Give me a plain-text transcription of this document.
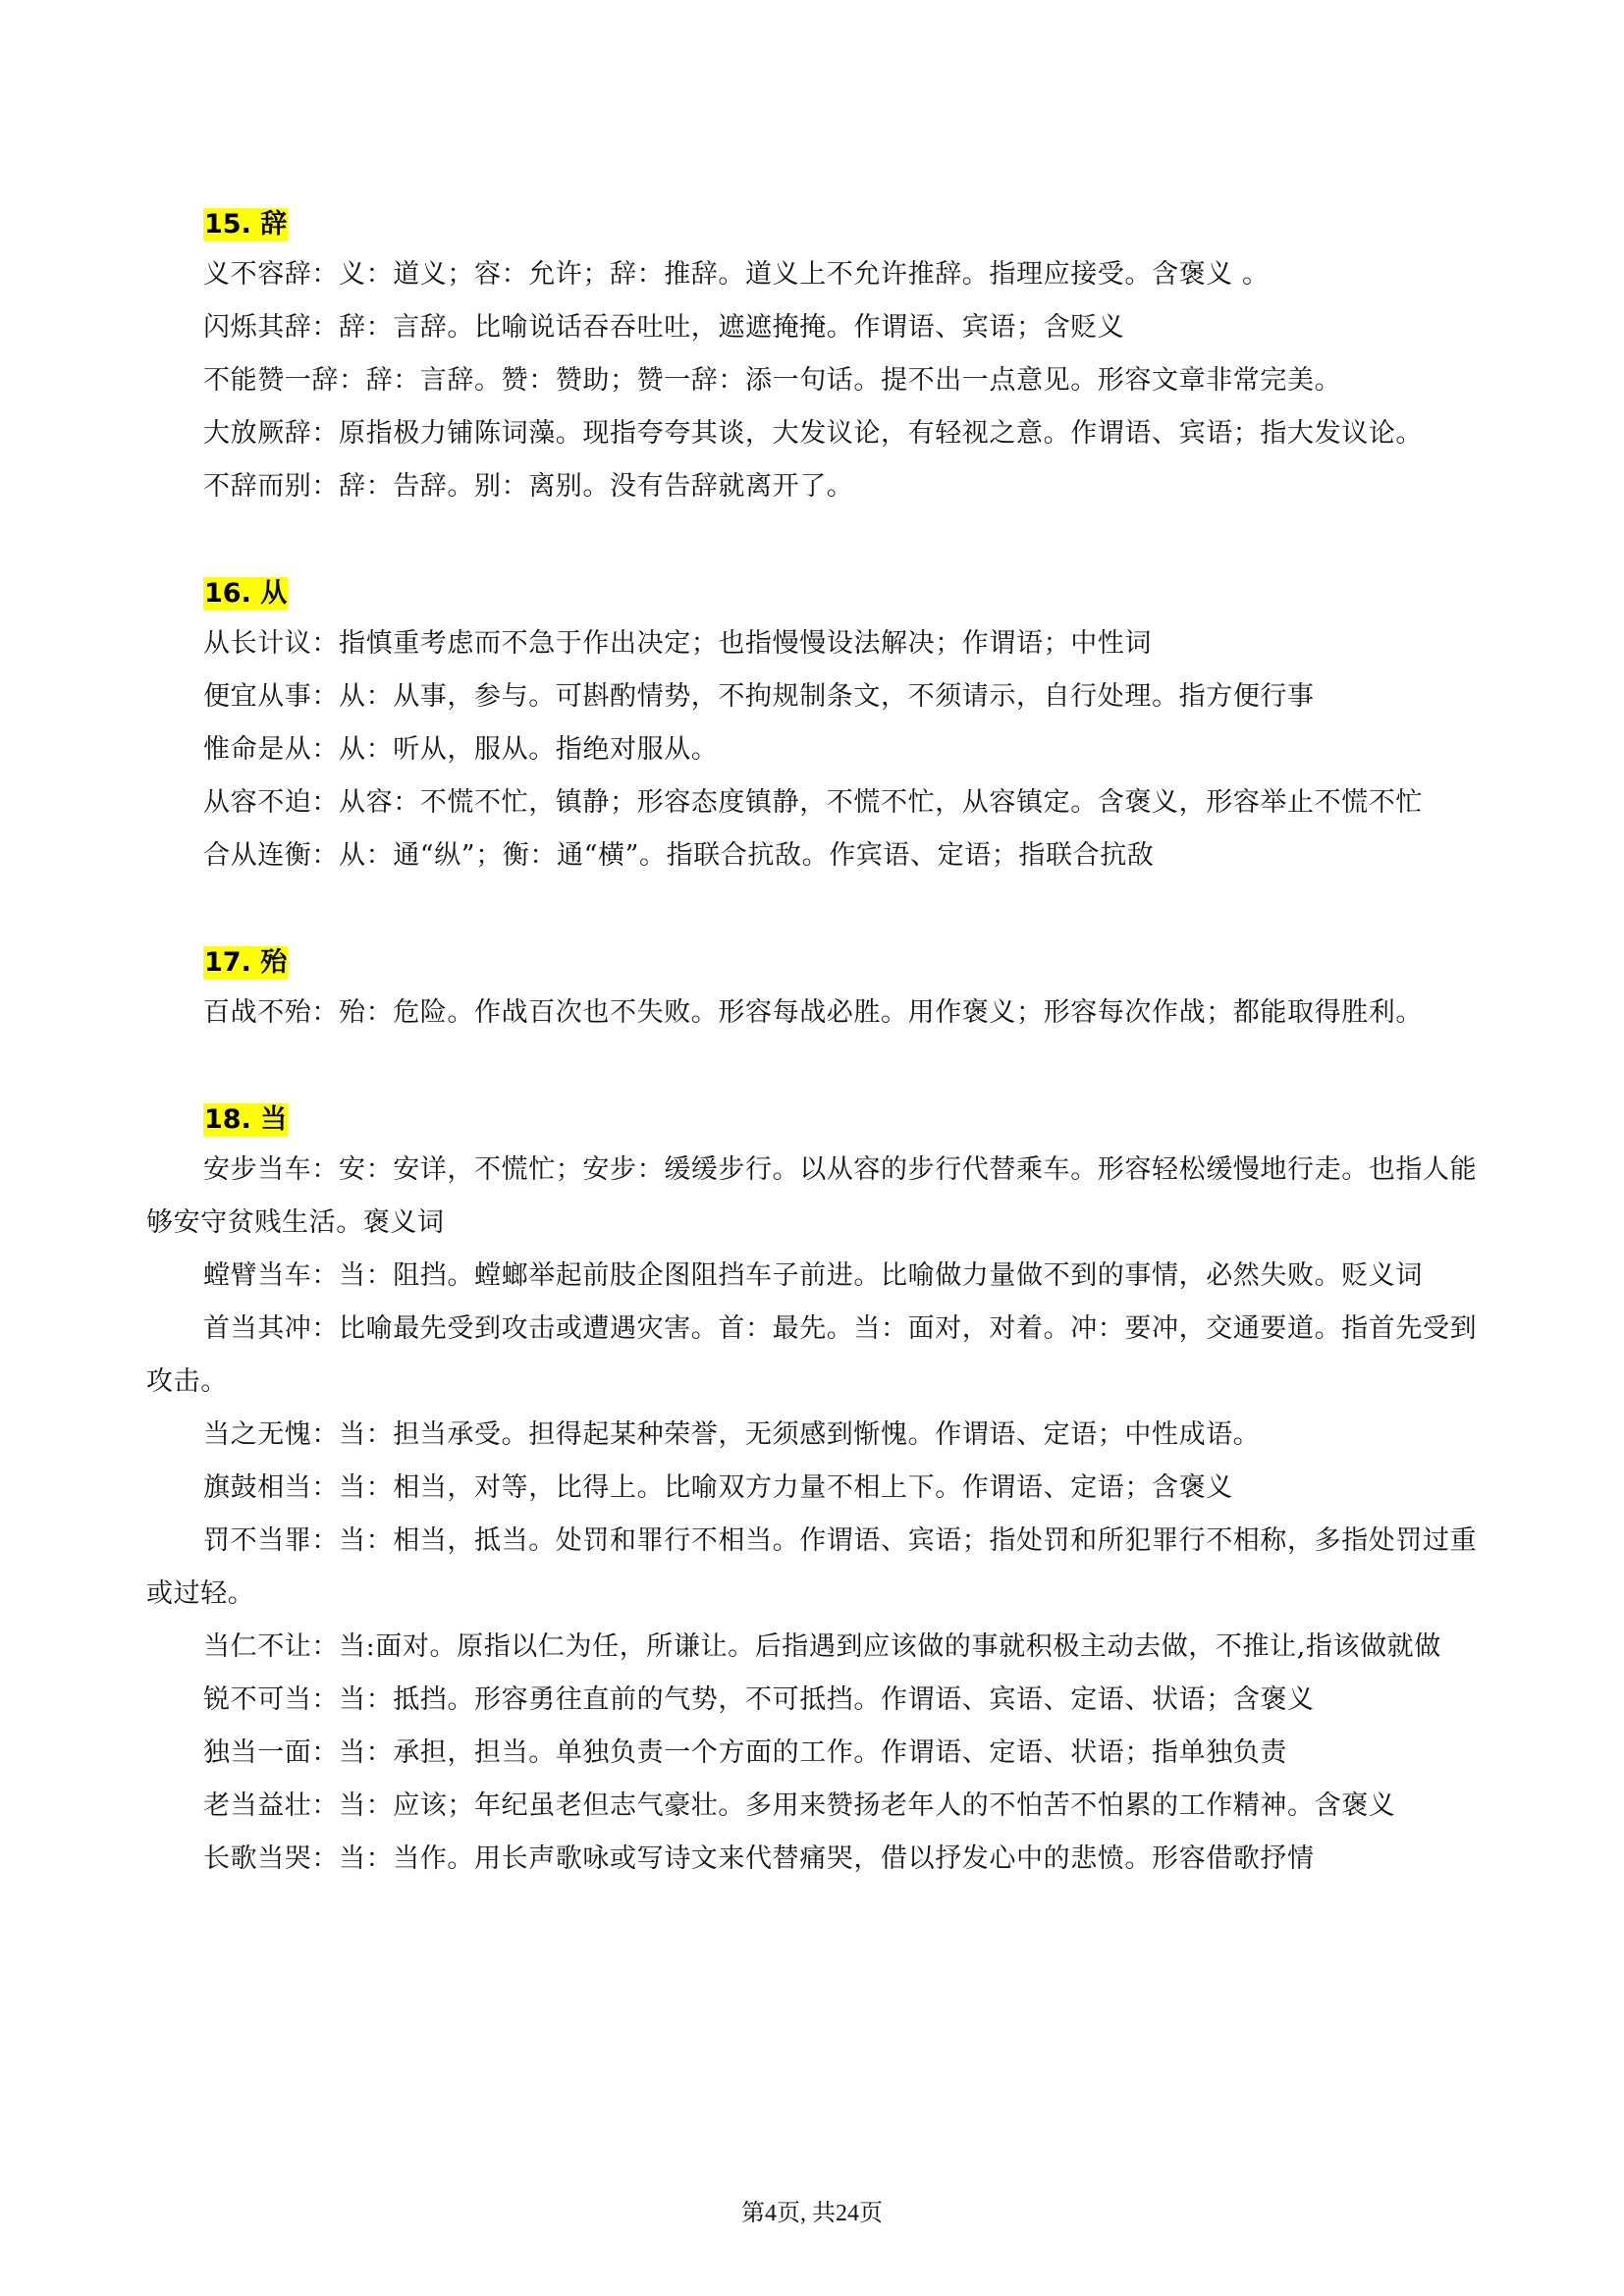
15. 辞

义不容辞：义：道义；容：允许；辞：推辞。道义上不允许推辞。指理应接受。含褒义 。

闪烁其辞：辞：言辞。比喻说话吞吞吐吐，遮遮掩掩。作谓语、宾语；含贬义

不能赞一辞：辞：言辞。赞：赞助；赞一辞：添一句话。提不出一点意见。形容文章非常完美。

大放厥辞：原指极力铺陈词藻。现指夸夸其谈，大发议论，有轻视之意。作谓语、宾语；指大发议论。

不辞而别：辞：告辞。别：离别。没有告辞就离开了。

16. 从

从长计议：指慎重考虑而不急于作出决定；也指慢慢设法解决；作谓语；中性词

便宜从事：从：从事，参与。可斟酌情势，不拘规制条文，不须请示，自行处理。指方便行事

惟命是从：从：听从，服从。指绝对服从。

从容不迫：从容：不慌不忙，镇静；形容态度镇静，不慌不忙，从容镇定。含褒义，形容举止不慌不忙

合从连衡：从：通“纵”；衡：通“横”。指联合抗敌。作宾语、定语；指联合抗敌

17. 殆

百战不殆：殆：危险。作战百次也不失败。形容每战必胜。用作褒义；形容每次作战；都能取得胜利。

18. 当

安步当车：安：安详，不慌忙；安步：缓缓步行。以从容的步行代替乘车。形容轻松缓慢地行走。也指人能够安守贫贱生活。褒义词

螳臂当车：当：阻挡。螳螂举起前肢企图阻挡车子前进。比喻做力量做不到的事情，必然失败。贬义词

首当其冲：比喻最先受到攻击或遭遇灾害。首：最先。当：面对，对着。冲：要冲，交通要道。指首先受到攻击。

当之无愧：当：担当承受。担得起某种荣誉，无须感到惭愧。作谓语、定语；中性成语。

旗鼓相当：当：相当，对等，比得上。比喻双方力量不相上下。作谓语、定语；含褒义

罚不当罪：当：相当，抵当。处罚和罪行不相当。作谓语、宾语；指处罚和所犯罪行不相称，多指处罚过重或过轻。

当仁不让：当:面对。原指以仁为任，所谦让。后指遇到应该做的事就积极主动去做，不推让,指该做就做

锐不可当：当：抵挡。形容勇往直前的气势，不可抵挡。作谓语、宾语、定语、状语；含褒义

独当一面：当：承担，担当。单独负责一个方面的工作。作谓语、定语、状语；指单独负责

老当益壮：当：应该；年纪虽老但志气豪壮。多用来赞扬老年人的不怕苦不怕累的工作精神。含褒义

长歌当哭：当：当作。用长声歌咏或写诗文来代替痛哭，借以抒发心中的悲愤。形容借歌抒情

第4页, 共24页
